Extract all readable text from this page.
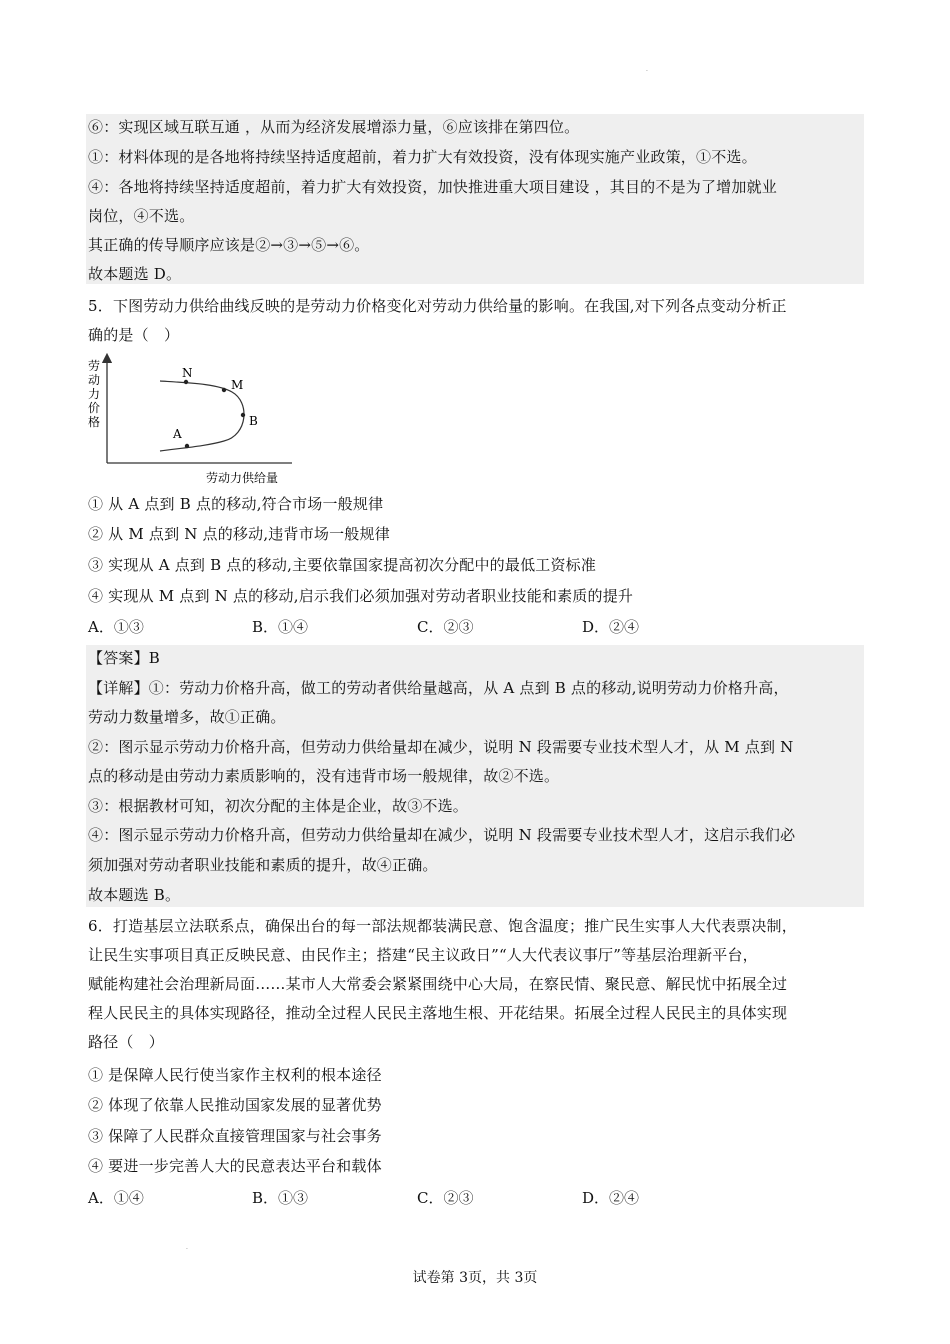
.
.
⑥：实现区域互联互通 ，从而为经济发展增添力量，⑥应该排在第四位。
①：材料体现的是各地将持续坚持适度超前，着力扩大有效投资，没有体现实施产业政策，①不选。
④：各地将持续坚持适度超前，着力扩大有效投资，加快推进重大项目建设 ，其目的不是为了增加就业
岗位，④不选。
其正确的传导顺序应该是②→③→⑤→⑥。
故本题选 D。
5．下图劳动力供给曲线反映的是劳动力价格变化对劳动力供给量的影响。在我国,对下列各点变动分析正
确的是（　）
劳
动
力
价
格
劳动力供给量
N
M
B
A
① 从 A 点到 B 点的移动,符合市场一般规律
② 从 M 点到 N 点的移动,违背市场一般规律
③ 实现从 A 点到 B 点的移动,主要依靠国家提高初次分配中的最低工资标准
④ 实现从 M 点到 N 点的移动,启示我们必须加强对劳动者职业技能和素质的提升
A．①③	B．①④	C．②③	D．②④
【答案】B
【详解】①：劳动力价格升高，做工的劳动者供给量越高，从 A 点到 B 点的移动,说明劳动力价格升高，
劳动力数量增多，故①正确。
②：图示显示劳动力价格升高，但劳动力供给量却在减少，说明 N 段需要专业技术型人才，从 M 点到 N
点的移动是由劳动力素质影响的，没有违背市场一般规律，故②不选。
③：根据教材可知，初次分配的主体是企业，故③不选。
④：图示显示劳动力价格升高，但劳动力供给量却在减少，说明 N 段需要专业技术型人才，这启示我们必
须加强对劳动者职业技能和素质的提升，故④正确。
故本题选 B。
6．打造基层立法联系点，确保出台的每一部法规都装满民意、饱含温度；推广民生实事人大代表票决制，
让民生实事项目真正反映民意、由民作主；搭建“民主议政日”“人大代表议事厅”等基层治理新平台，
赋能构建社会治理新局面……某市人大常委会紧紧围绕中心大局，在察民情、聚民意、解民忧中拓展全过
程人民民主的具体实现路径，推动全过程人民民主落地生根、开花结果。拓展全过程人民民主的具体实现
路径（　）
① 是保障人民行使当家作主权利的根本途径
② 体现了依靠人民推动国家发展的显著优势
③ 保障了人民群众直接管理国家与社会事务
④ 要进一步完善人大的民意表达平台和载体
A．①④	B．①③	C．②③	D．②④
试卷第 3页，共 3页
